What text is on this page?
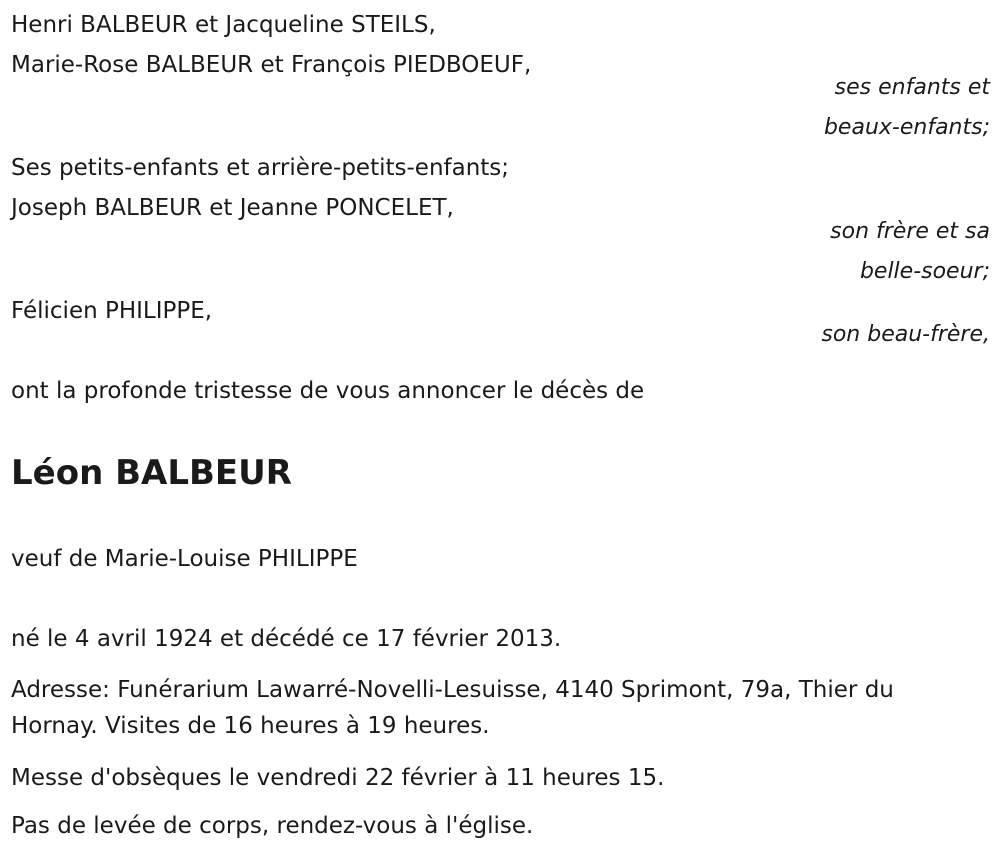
Henri BALBEUR et Jacqueline STEILS,
Marie-Rose BALBEUR et François PIEDBOEUF,
ses enfants et
beaux-enfants;
Ses petits-enfants et arrière-petits-enfants;
Joseph BALBEUR et Jeanne PONCELET,
son frère et sa
belle-soeur;
Félicien PHILIPPE,
son beau-frère,
ont la profonde tristesse de vous annoncer le décès de
Léon BALBEUR
veuf de Marie-Louise PHILIPPE
né le 4 avril 1924 et décédé ce 17 février 2013.
Adresse: Funérarium Lawarré-Novelli-Lesuisse, 4140 Sprimont, 79a, Thier du Hornay. Visites de 16 heures à 19 heures.
Messe d'obsèques le vendredi 22 février à 11 heures 15.
Pas de levée de corps, rendez-vous à l'église.
